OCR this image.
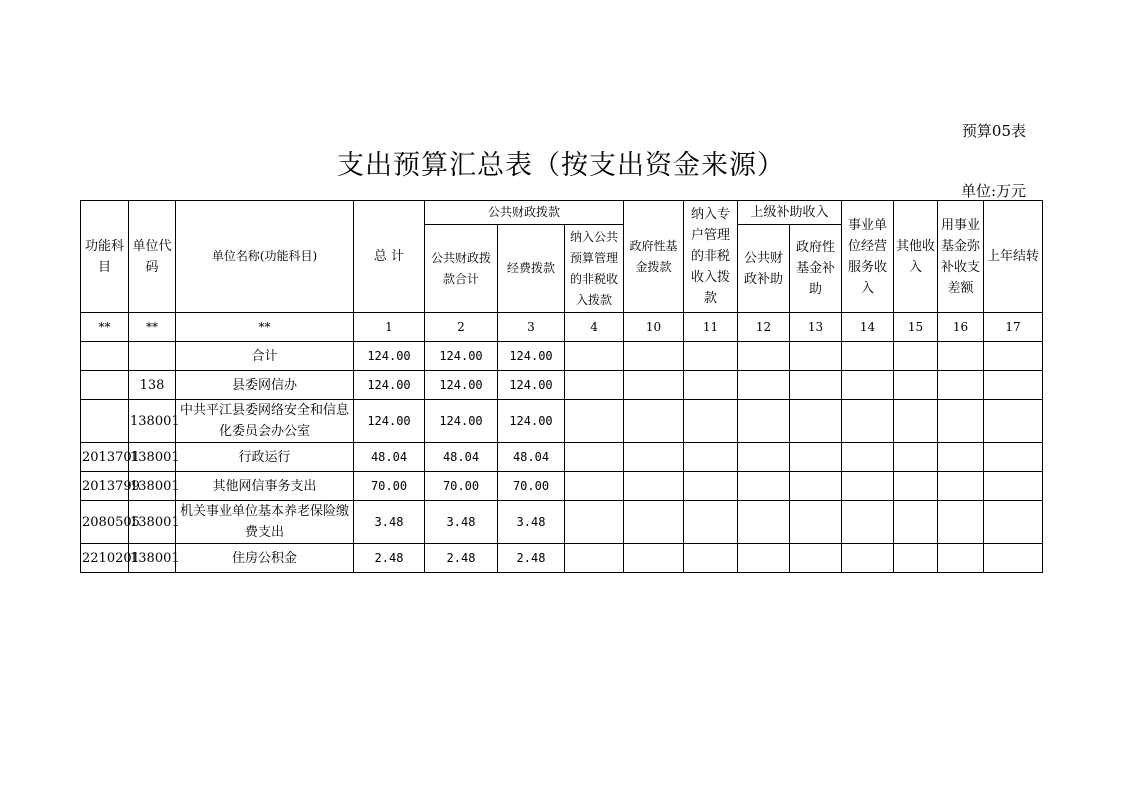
预算05表
支出预算汇总表（按支出资金来源）
单位:万元
功能科目	单位代码	单位名称(功能科目)	总 计	公共财政拨款			政府性基金拨款	纳入专户管理的非税收入拨款	上级补助收入		事业单位经营服务收入	其他收入	用事业基金弥补收支差额	上年结转
				公共财政拨款合计	经费拨款	纳入公共预算管理的非税收入拨款			公共财政补助	政府性基金补助				
**	**	**	1	2	3	4	10	11	12	13	14	15	16	17
		合计	124.00	124.00	124.00									
	138	县委网信办	124.00	124.00	124.00									
	138001	中共平江县委网络安全和信息化委员会办公室	124.00	124.00	124.00									
2013701	138001	行政运行	48.04	48.04	48.04									
2013799	138001	其他网信事务支出	70.00	70.00	70.00									
2080505	138001	机关事业单位基本养老保险缴费支出	3.48	3.48	3.48									
2210201	138001	住房公积金	2.48	2.48	2.48									
